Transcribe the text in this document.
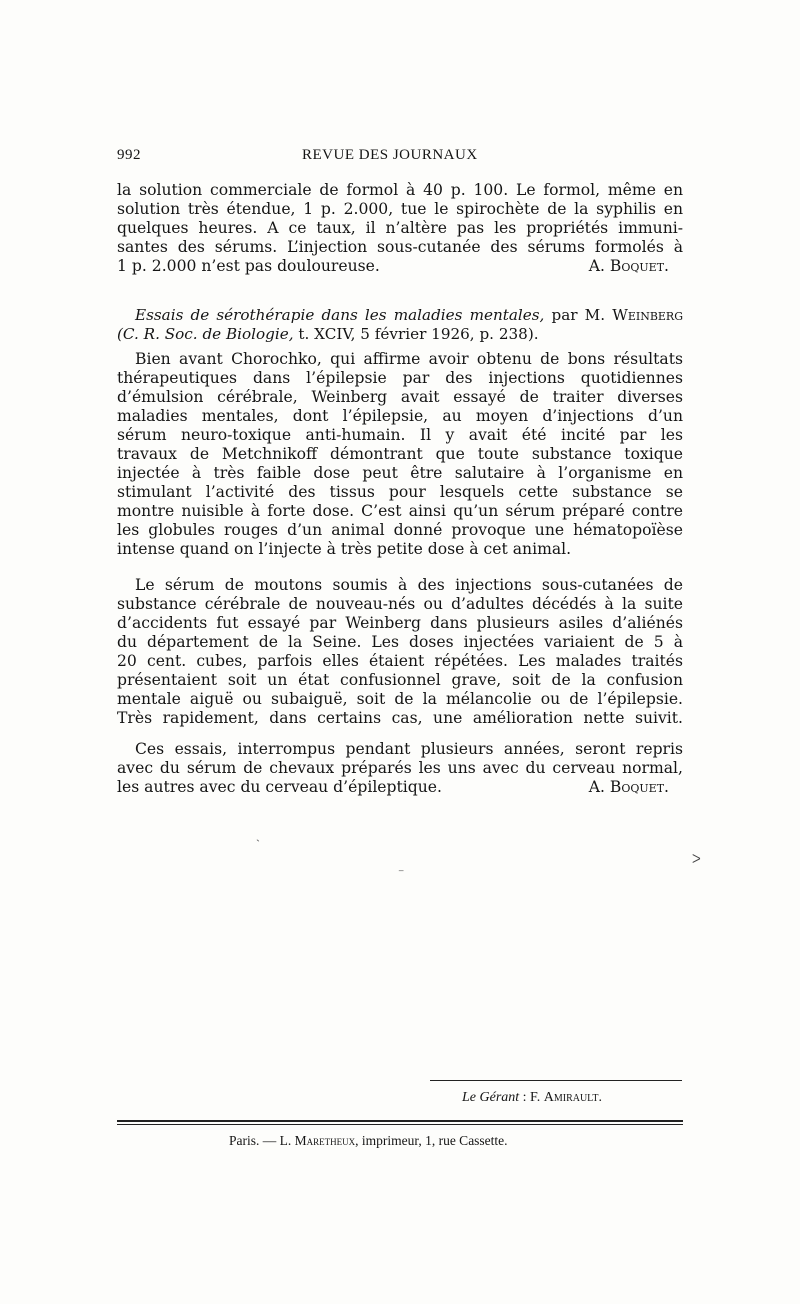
992	REVUE DES JOURNAUX
la solution commerciale de formol à 40 p. 100. Le formol, même en
solution très étendue, 1 p. 2.000, tue le spirochète de la syphilis en
quelques heures. A ce taux, il n’altère pas les propriétés immuni-
santes des sérums. L’injection sous-cutanée des sérums formolés à
1 p. 2.000 n’est pas douloureuse.	A. Boquet.
Essais de sérothérapie dans les maladies mentales, par M. Weinberg
(C. R. Soc. de Biologie, t. XCIV, 5 février 1926, p. 238).
Bien avant Chorochko, qui affirme avoir obtenu de bons résultats
thérapeutiques dans l’épilepsie par des injections quotidiennes
d’émulsion cérébrale, Weinberg avait essayé de traiter diverses
maladies mentales, dont l’épilepsie, au moyen d’injections d’un
sérum neuro-toxique anti-humain. Il y avait été incité par les
travaux de Metchnikoff démontrant que toute substance toxique
injectée à très faible dose peut être salutaire à l’organisme en
stimulant l’activité des tissus pour lesquels cette substance se
montre nuisible à forte dose. C’est ainsi qu’un sérum préparé contre
les globules rouges d’un animal donné provoque une hématopoïèse
intense quand on l’injecte à très petite dose à cet animal.
Le sérum de moutons soumis à des injections sous-cutanées de
substance cérébrale de nouveau-nés ou d’adultes décédés à la suite
d’accidents fut essayé par Weinberg dans plusieurs asiles d’aliénés
du département de la Seine. Les doses injectées variaient de 5 à
20 cent. cubes, parfois elles étaient répétées. Les malades traités
présentaient soit un état confusionnel grave, soit de la confusion
mentale aiguë ou subaiguë, soit de la mélancolie ou de l’épilepsie.
Très rapidement, dans certains cas, une amélioration nette suivit.
Ces essais, interrompus pendant plusieurs années, seront repris
avec du sérum de chevaux préparés les uns avec du cerveau normal,
les autres avec du cerveau d’épileptique.	A. Boquet.
ˏ
⁻
ᐳ
Le Gérant : F. Amirault.
Paris. — L. Maretheux, imprimeur, 1, rue Cassette.
